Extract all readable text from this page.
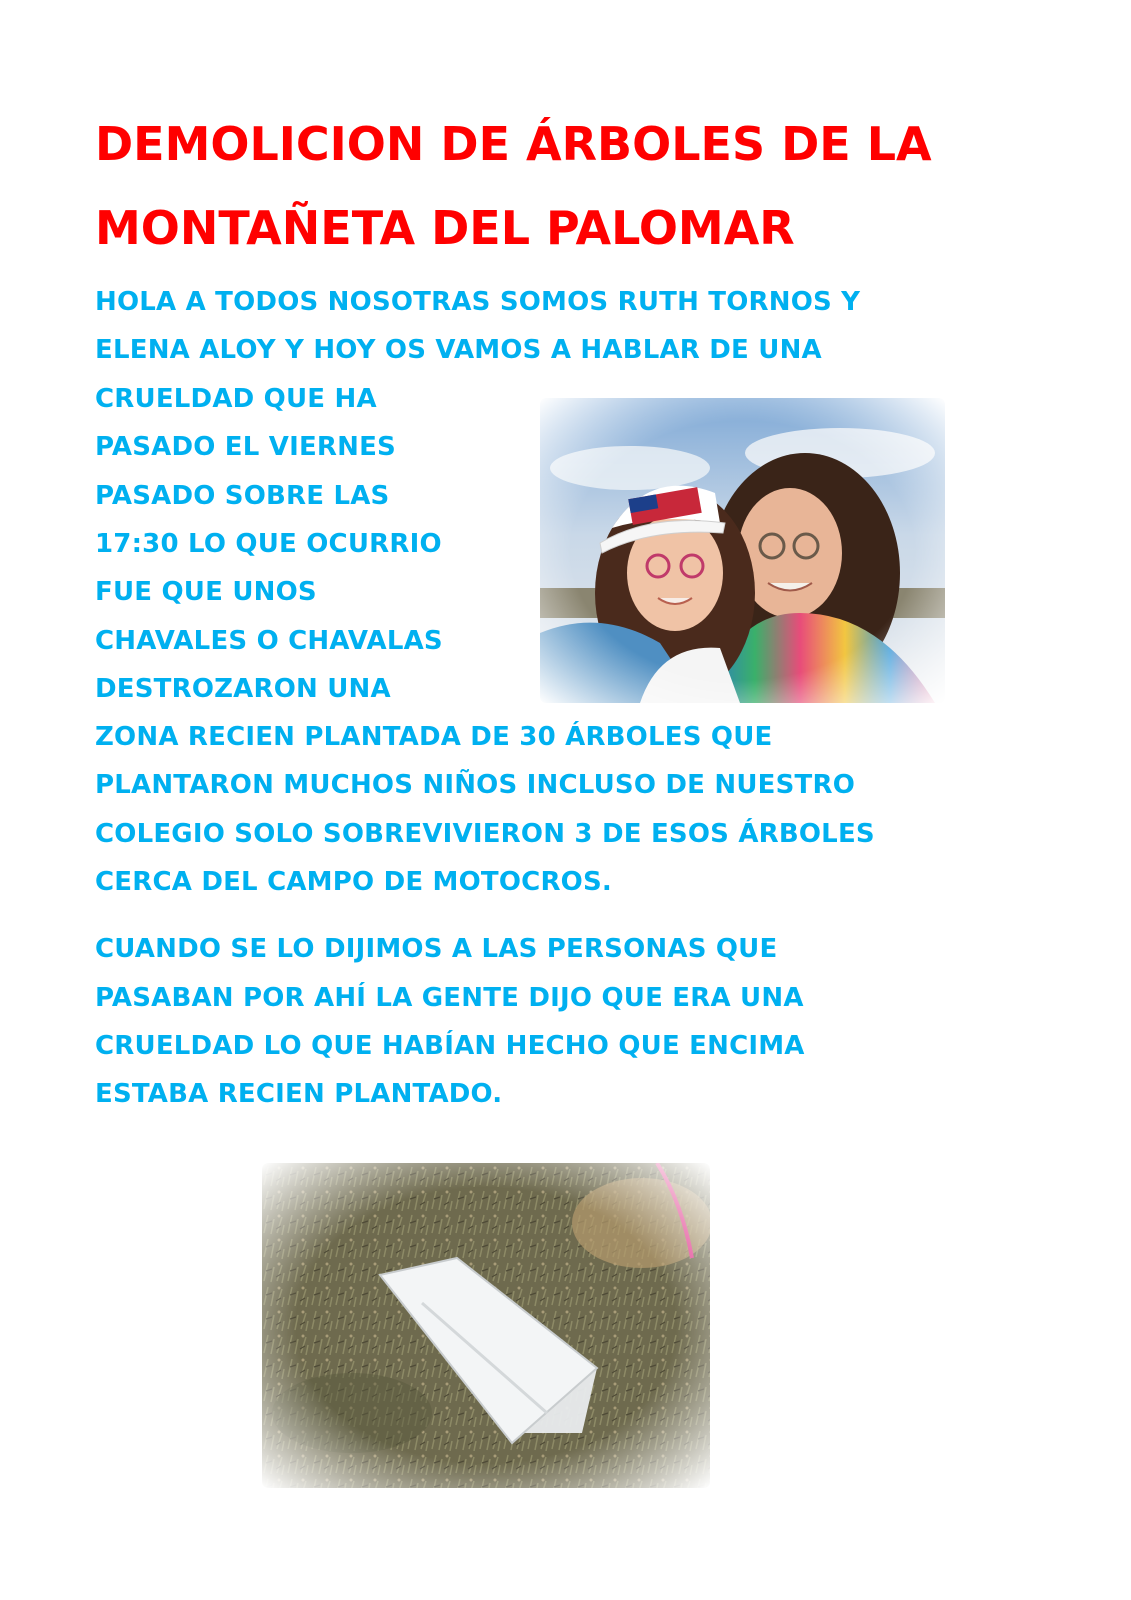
DEMOLICION DE ÁRBOLES DE LA
MONTAÑETA DEL PALOMAR

HOLA A TODOS NOSOTRAS SOMOS RUTH TORNOS Y

ELENA ALOY Y HOY OS VAMOS A HABLAR DE UNA

CRUELDAD QUE HA

PASADO EL VIERNES

PASADO SOBRE LAS

17:30 LO QUE OCURRIO

FUE QUE UNOS

CHAVALES O CHAVALAS

DESTROZARON UNA

ZONA RECIEN PLANTADA DE 30 ÁRBOLES QUE

PLANTARON MUCHOS NIÑOS INCLUSO DE NUESTRO

COLEGIO SOLO SOBREVIVIERON 3 DE ESOS ÁRBOLES

CERCA DEL CAMPO DE MOTOCROS.

CUANDO SE LO DIJIMOS A LAS PERSONAS QUE

PASABAN POR AHÍ LA GENTE DIJO QUE ERA UNA

CRUELDAD LO QUE HABÍAN HECHO QUE ENCIMA

ESTABA RECIEN PLANTADO.
